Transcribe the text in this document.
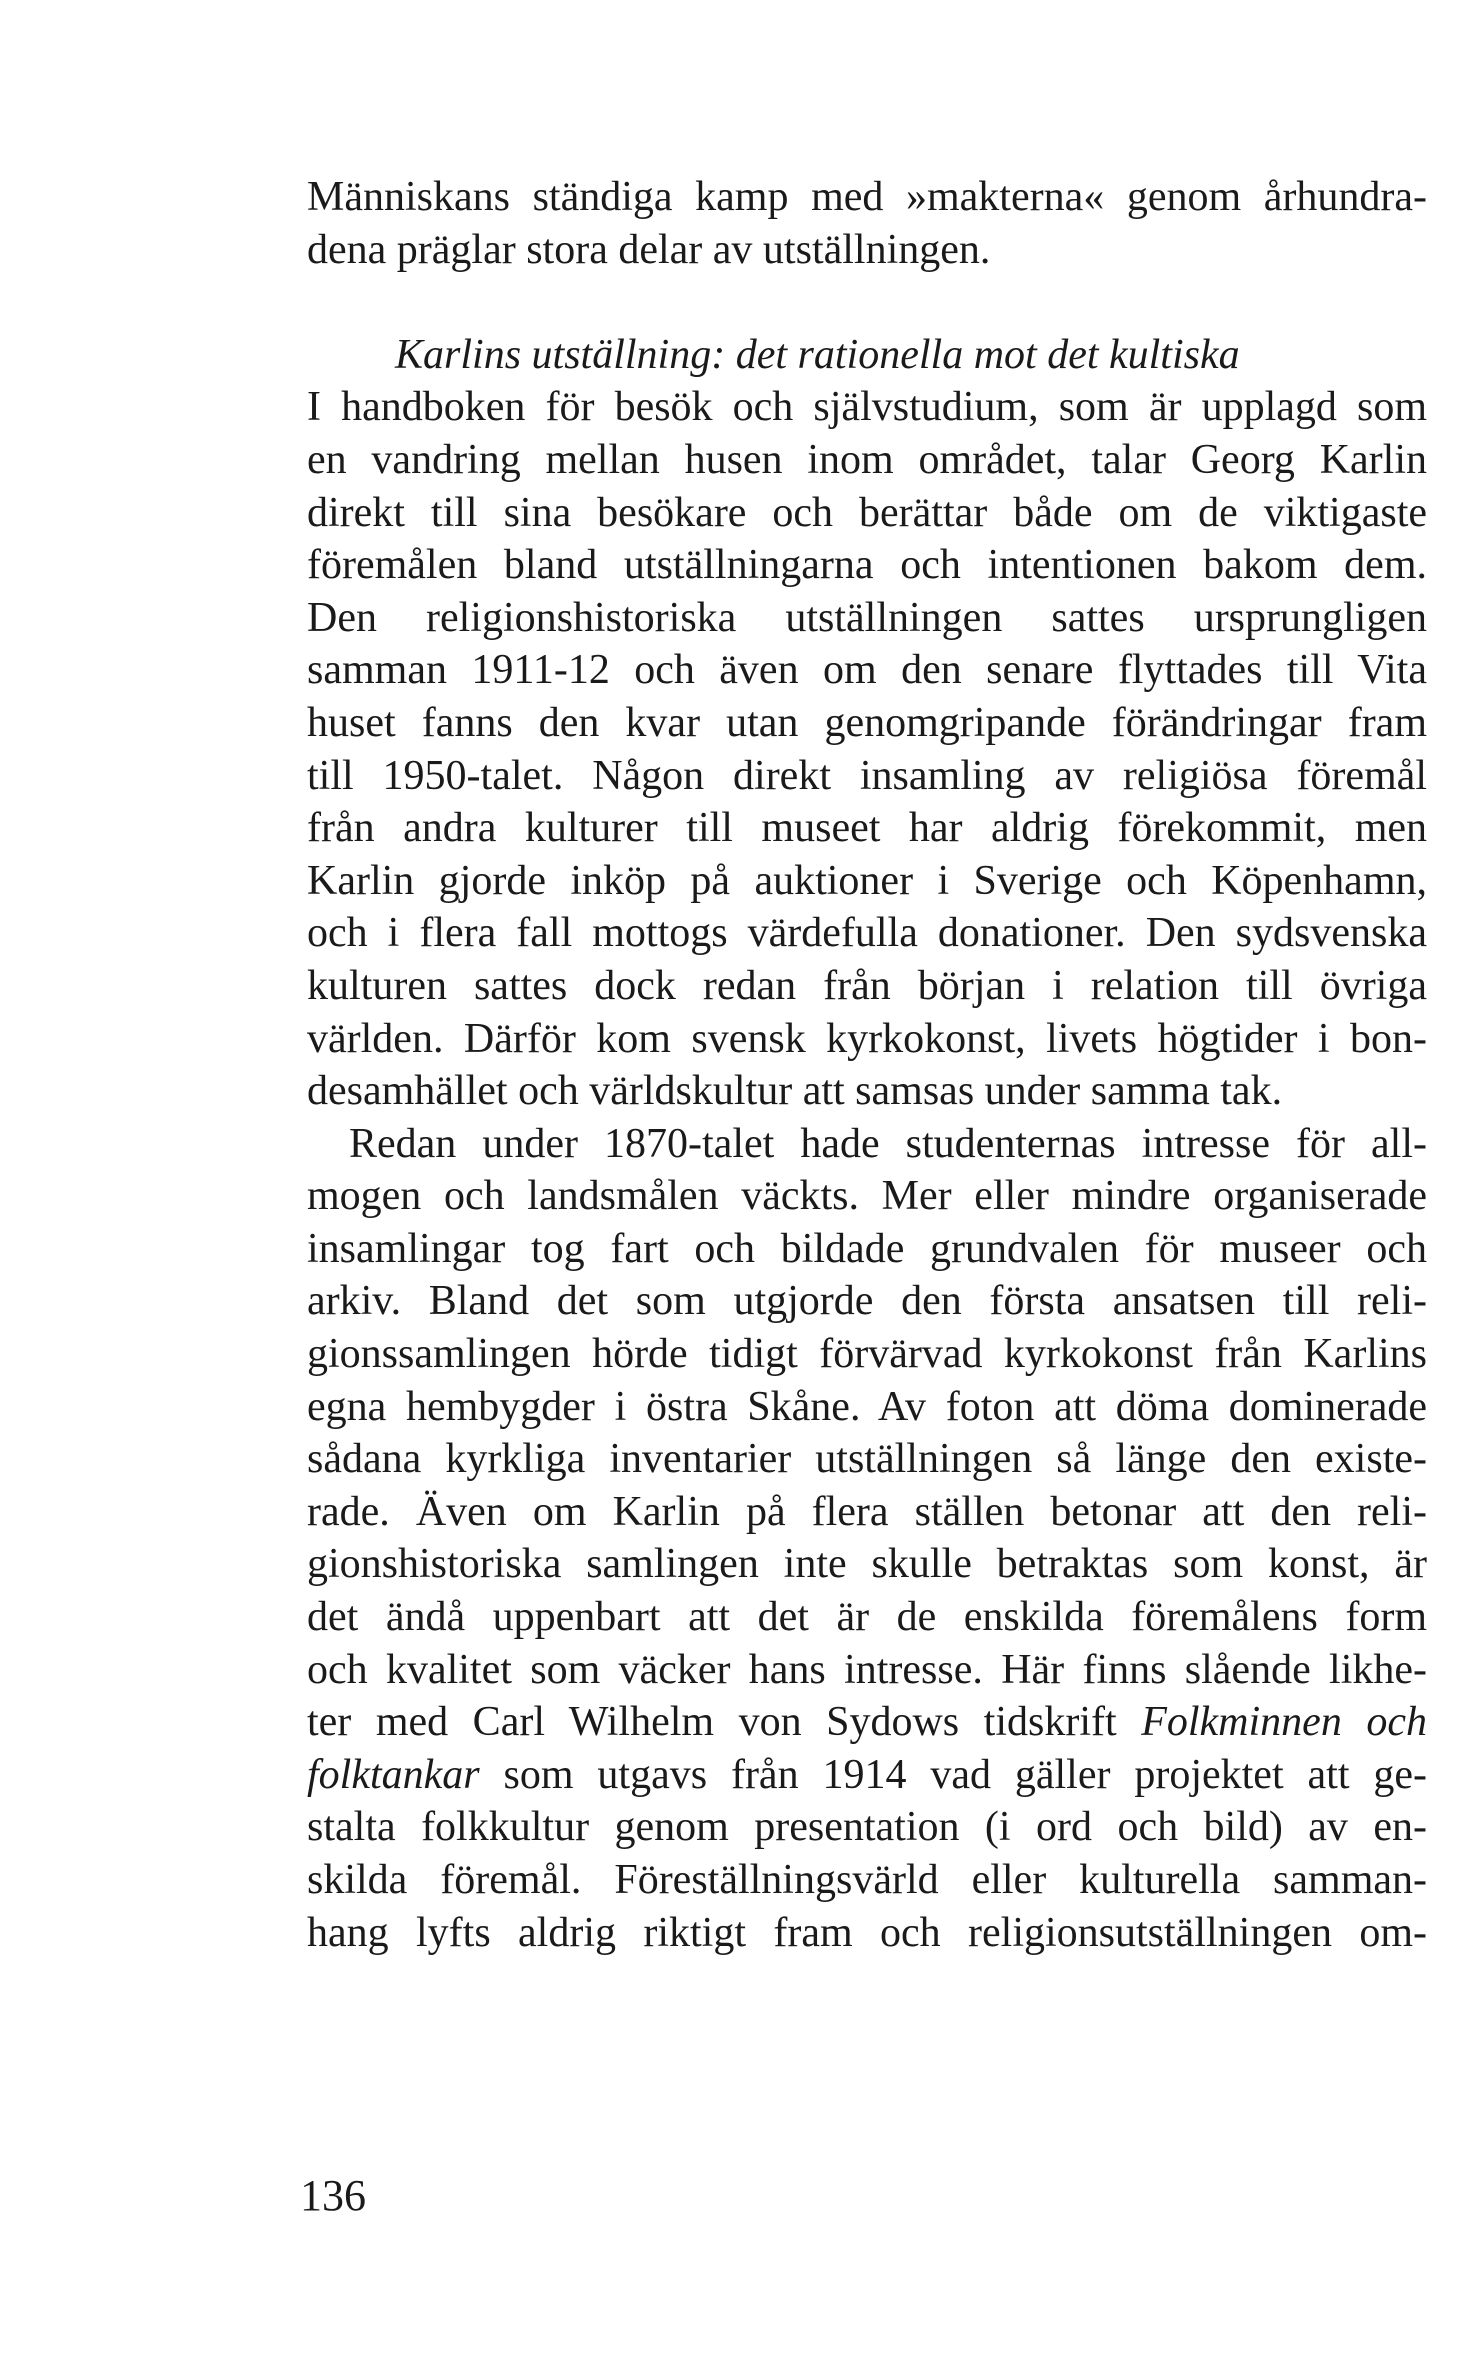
Människans ständiga kamp med »makterna« genom århundra-
dena präglar stora delar av utställningen.
Karlins utställning: det rationella mot det kultiska
I handboken för besök och självstudium, som är upplagd som
en vandring mellan husen inom området, talar Georg Karlin
direkt till sina besökare och berättar både om de viktigaste
föremålen bland utställningarna och intentionen bakom dem.
Den religionshistoriska utställningen sattes ursprungligen
samman 1911-12 och även om den senare flyttades till Vita
huset fanns den kvar utan genomgripande förändringar fram
till 1950-talet. Någon direkt insamling av religiösa föremål
från andra kulturer till museet har aldrig förekommit, men
Karlin gjorde inköp på auktioner i Sverige och Köpenhamn,
och i flera fall mottogs värdefulla donationer. Den sydsvenska
kulturen sattes dock redan från början i relation till övriga
världen. Därför kom svensk kyrkokonst, livets högtider i bon-
desamhället och världskultur att samsas under samma tak.
Redan under 1870-talet hade studenternas intresse för all-
mogen och landsmålen väckts. Mer eller mindre organiserade
insamlingar tog fart och bildade grundvalen för museer och
arkiv. Bland det som utgjorde den första ansatsen till reli-
gionssamlingen hörde tidigt förvärvad kyrkokonst från Karlins
egna hembygder i östra Skåne. Av foton att döma dominerade
sådana kyrkliga inventarier utställningen så länge den existe-
rade. Även om Karlin på flera ställen betonar att den reli-
gionshistoriska samlingen inte skulle betraktas som konst, är
det ändå uppenbart att det är de enskilda föremålens form
och kvalitet som väcker hans intresse. Här finns slående likhe-
ter med Carl Wilhelm von Sydows tidskrift Folkminnen och
folktankar som utgavs från 1914 vad gäller projektet att ge-
stalta folkkultur genom presentation (i ord och bild) av en-
skilda föremål. Föreställningsvärld eller kulturella samman-
hang lyfts aldrig riktigt fram och religionsutställningen om-
136
